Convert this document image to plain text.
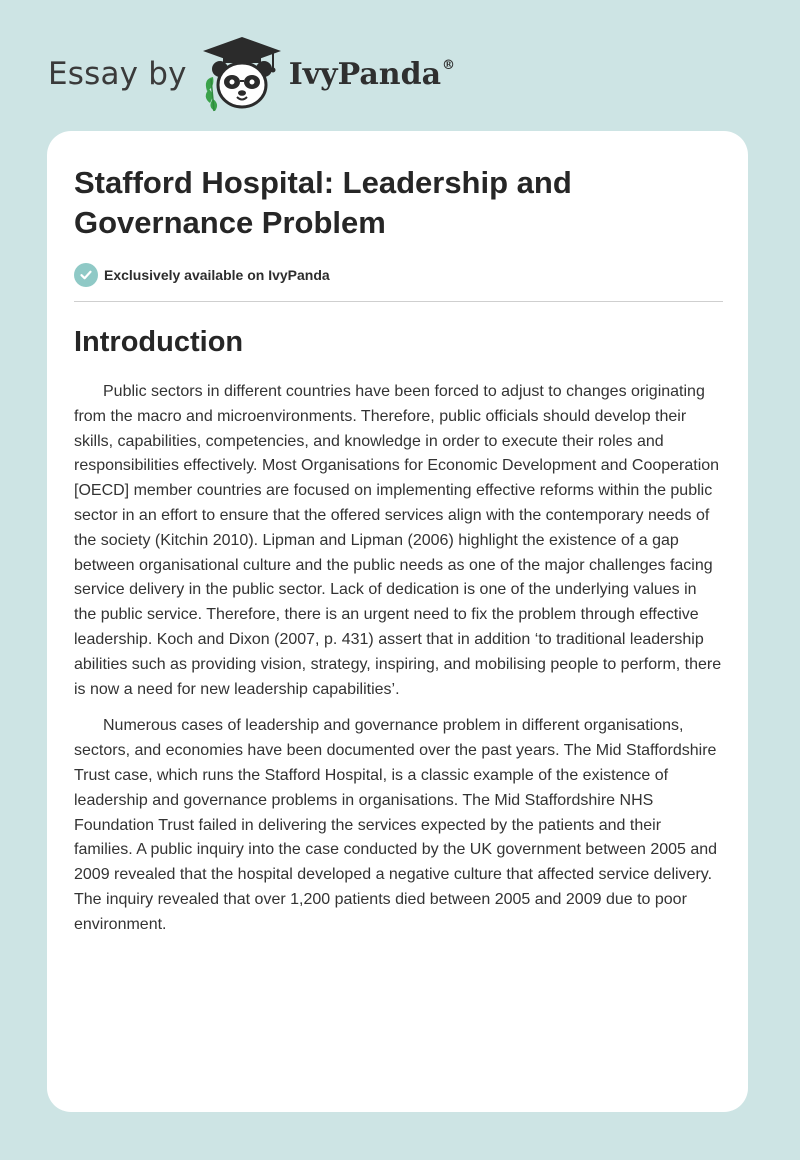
Essay by	IvyPanda®
Stafford Hospital: Leadership and Governance Problem
Exclusively available on IvyPanda
Introduction

Public sectors in different countries have been forced to adjust to changes originating from the macro and microenvironments. Therefore, public officials should develop their skills, capabilities, competencies, and knowledge in order to execute their roles and responsibilities effectively. Most Organisations for Economic Development and Cooperation [OECD] member countries are focused on implementing effective reforms within the public sector in an effort to ensure that the offered services align with the contemporary needs of the society (Kitchin 2010). Lipman and Lipman (2006) highlight the existence of a gap between organisational culture and the public needs as one of the major challenges facing service delivery in the public sector. Lack of dedication is one of the underlying values in the public service. Therefore, there is an urgent need to fix the problem through effective leadership. Koch and Dixon (2007, p. 431) assert that in addition ‘to traditional leadership abilities such as providing vision, strategy, inspiring, and mobilising people to perform, there is now a need for new leadership capabilities’.

Numerous cases of leadership and governance problem in different organisations, sectors, and economies have been documented over the past years. The Mid Staffordshire Trust case, which runs the Stafford Hospital, is a classic example of the existence of leadership and governance problems in organisations. The Mid Staffordshire NHS Foundation Trust failed in delivering the services expected by the patients and their families. A public inquiry into the case conducted by the UK government between 2005 and 2009 revealed that the hospital developed a negative culture that affected service delivery. The inquiry revealed that over 1,200 patients died between 2005 and 2009 due to poor environment.
